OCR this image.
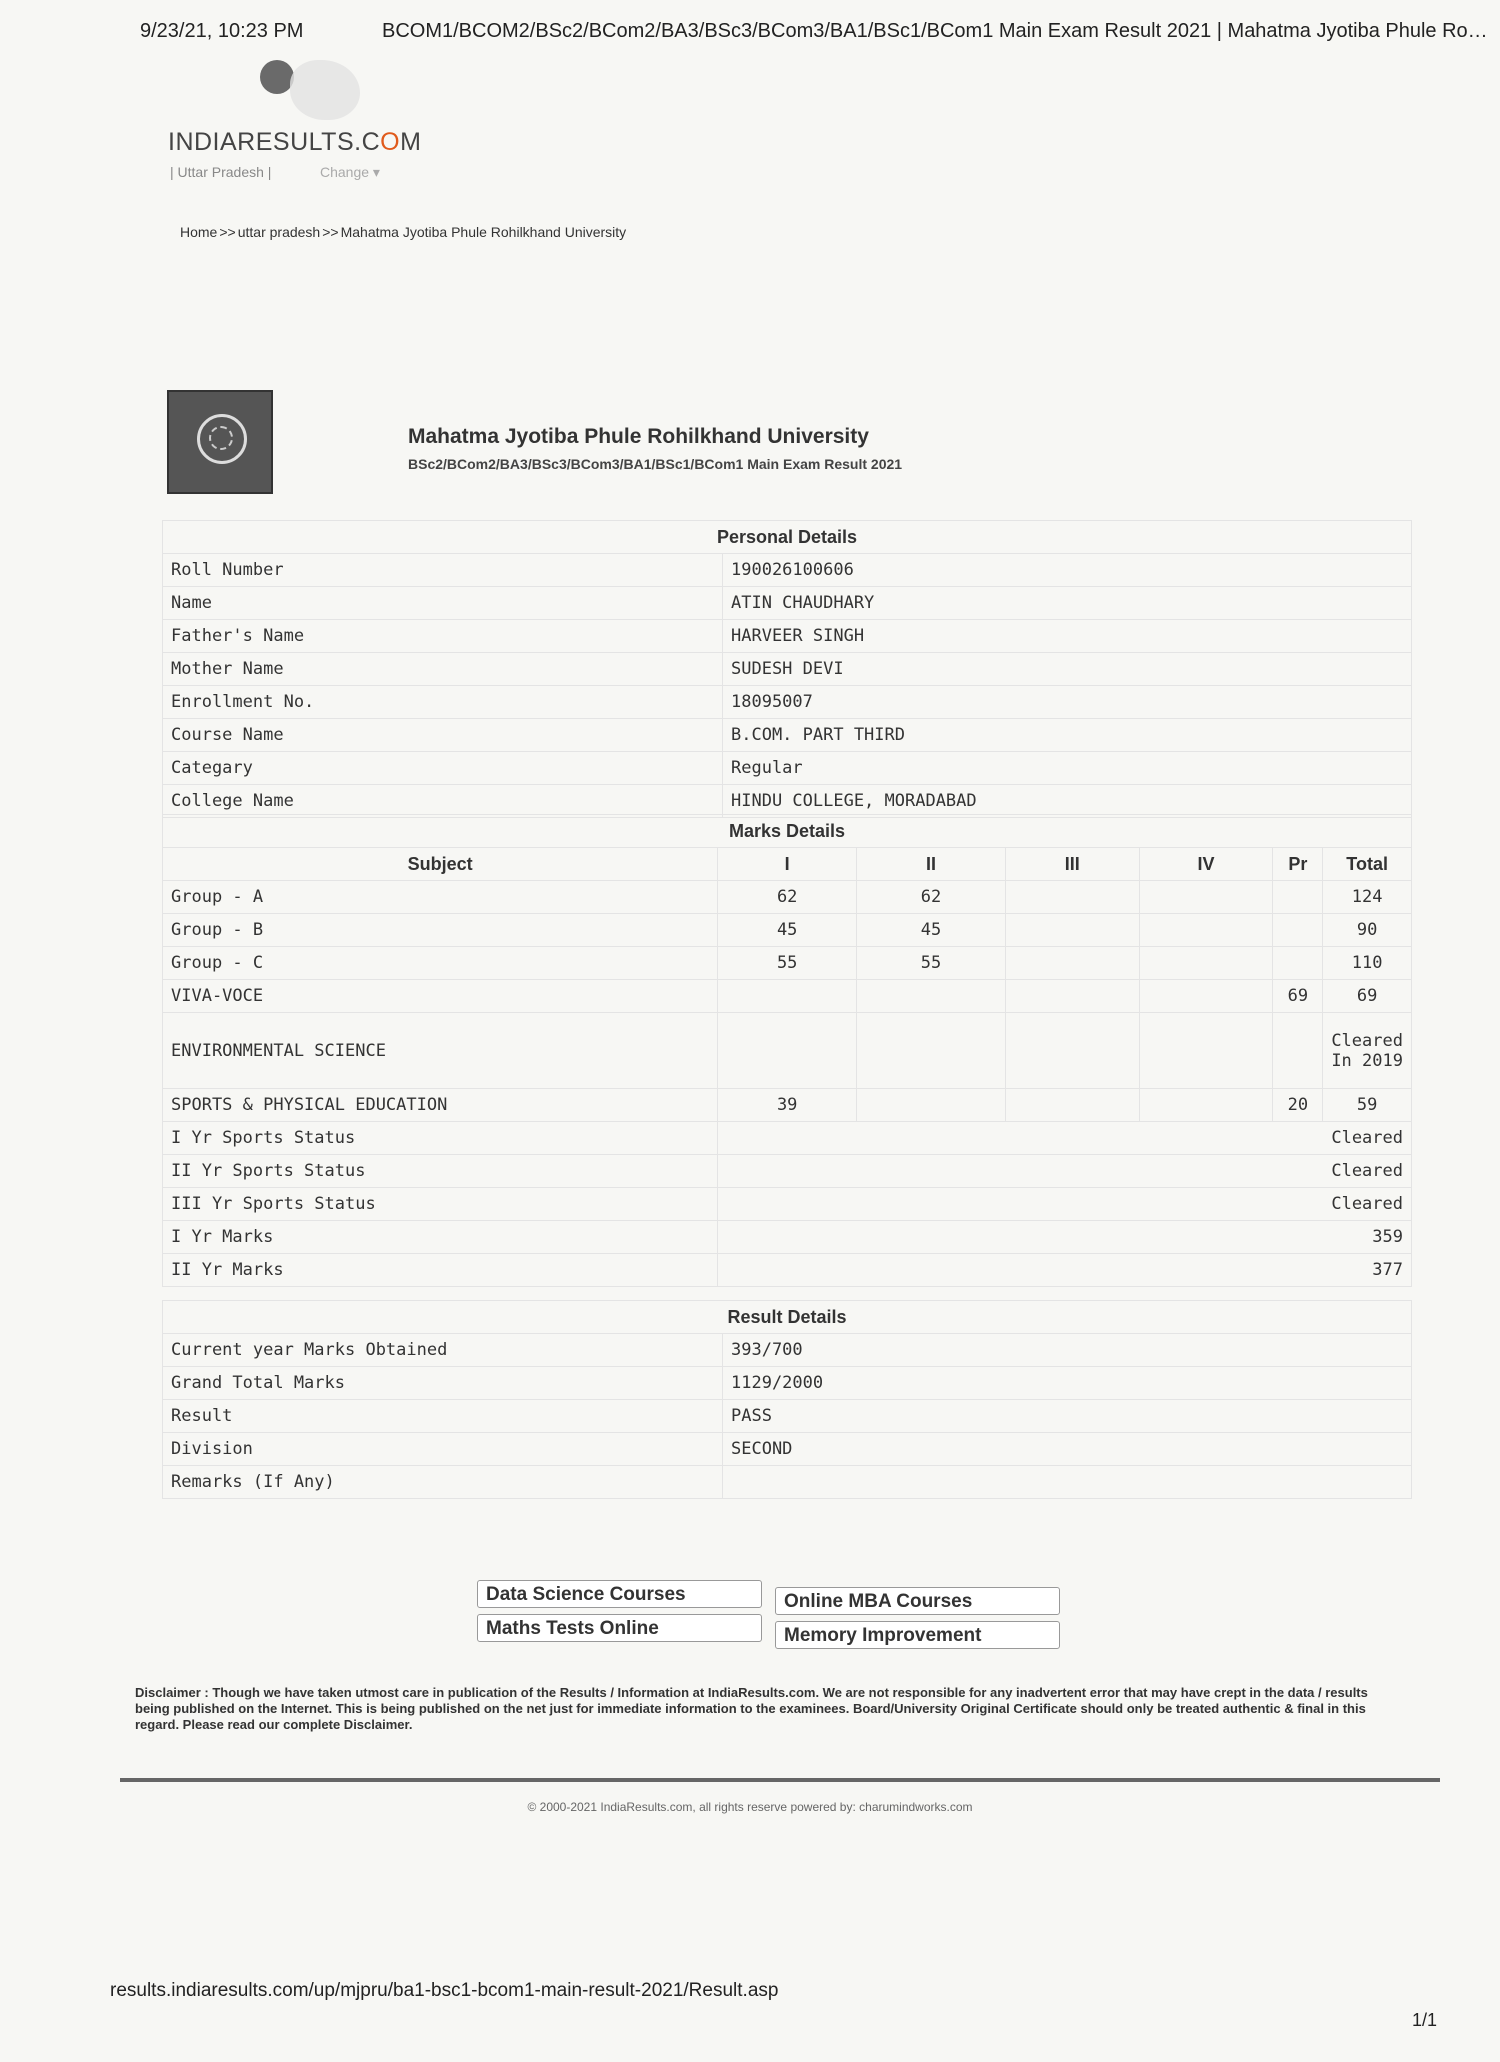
9/23/21, 10:23 PM	BCOM1/BCOM2/BSc2/BCom2/BA3/BSc3/BCom3/BA1/BSc1/BCom1 Main Exam Result 2021 | Mahatma Jyotiba Phule Ro…
INDIARESULTS.COM
| Uttar Pradesh |	Change ▾
Home >> uttar pradesh >> Mahatma Jyotiba Phule Rohilkhand University
Mahatma Jyotiba Phule Rohilkhand University
BSc2/BCom2/BA3/BSc3/BCom3/BA1/BSc1/BCom1 Main Exam Result 2021
Personal Details	
Roll Number	190026100606
Name	ATIN CHAUDHARY
Father's Name	HARVEER SINGH
Mother Name	SUDESH DEVI
Enrollment No.	18095007
Course Name	B.COM. PART THIRD
Categary	Regular
College Name	HINDU COLLEGE, MORADABAD
Marks Details						
Subject	I	II	III	IV	Pr	Total
Group - A	62	62				124
Group - B	45	45				90
Group - C	55	55				110
VIVA-VOCE					69	69
ENVIRONMENTAL SCIENCE						Cleared In 2019
SPORTS & PHYSICAL EDUCATION	39				20	59
I Yr Sports Status	Cleared					
II Yr Sports Status	Cleared					
III Yr Sports Status	Cleared					
I Yr Marks	359					
II Yr Marks	377					
Result Details	
Current year Marks Obtained	393/700
Grand Total Marks	1129/2000
Result	PASS
Division	SECOND
Remarks (If Any)	
Data Science Courses	Online MBA Courses
Maths Tests Online	Memory Improvement
Disclaimer : Though we have taken utmost care in publication of the Results / Information at IndiaResults.com. We are not responsible for any inadvertent error that may have crept in the data / results being published on the Internet. This is being published on the net just for immediate information to the examinees. Board/University Original Certificate should only be treated authentic & final in this regard. Please read our complete Disclaimer.
© 2000-2021 IndiaResults.com, all rights reserve powered by: charumindworks.com
results.indiaresults.com/up/mjpru/ba1-bsc1-bcom1-main-result-2021/Result.asp
1/1
